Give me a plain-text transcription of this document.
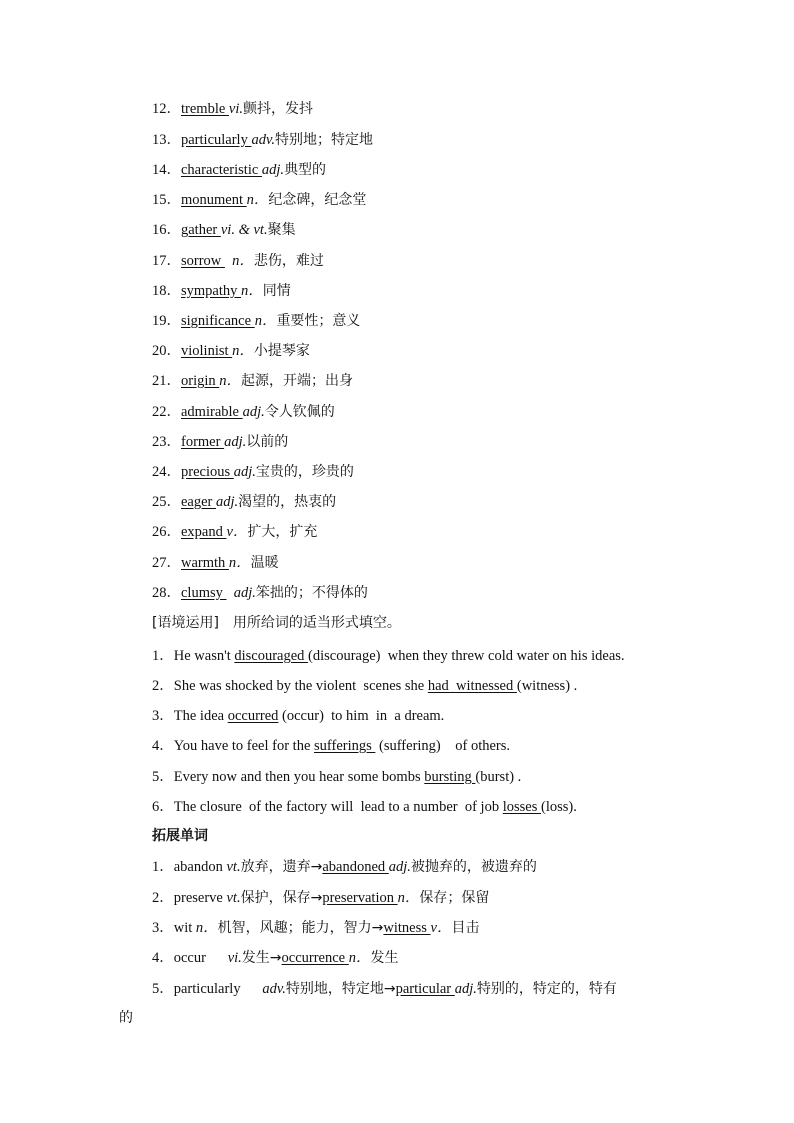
12．tremble vi.颤抖，发抖
13．particularly adv.特别地；特定地
14．characteristic adj.典型的
15．monument n．纪念碑，纪念堂
16．gather vi. & vt.聚集
17．sorrow   n．悲伤，难过
18．sympathy n．同情
19．significance n．重要性；意义
20．violinist n．小提琴家
21．origin n．起源，开端；出身
22．admirable adj.令人钦佩的
23．former adj.以前的
24．precious adj.宝贵的，珍贵的
25．eager adj.渴望的，热衷的
26．expand v．扩大，扩充
27．warmth n．温暖
28．clumsy   adj.笨拙的；不得体的
[语境运用]　用所给词的适当形式填空。
1．He wasn't discouraged (discourage)  when they threw cold water on his ideas.
2．She was shocked by the violent  scenes she had  witnessed (witness) .
3．The idea occurred (occur)  to him  in  a dream.
4．You have to feel for the sufferings  (suffering)    of others.
5．Every now and then you hear some bombs bursting (burst) .
6．The closure  of the factory will  lead to a number  of job losses (loss).
拓展单词
1．abandon vt.放弃，遗弃→abandoned adj.被抛弃的，被遗弃的
2．preserve vt.保护，保存→preservation n．保存；保留
3．wit n．机智，风趣；能力，智力→witness v．目击
4．occur      vi.发生→occurrence n．发生
5．particularly      adv.特别地，特定地→particular adj.特别的，特定的，特有
的
